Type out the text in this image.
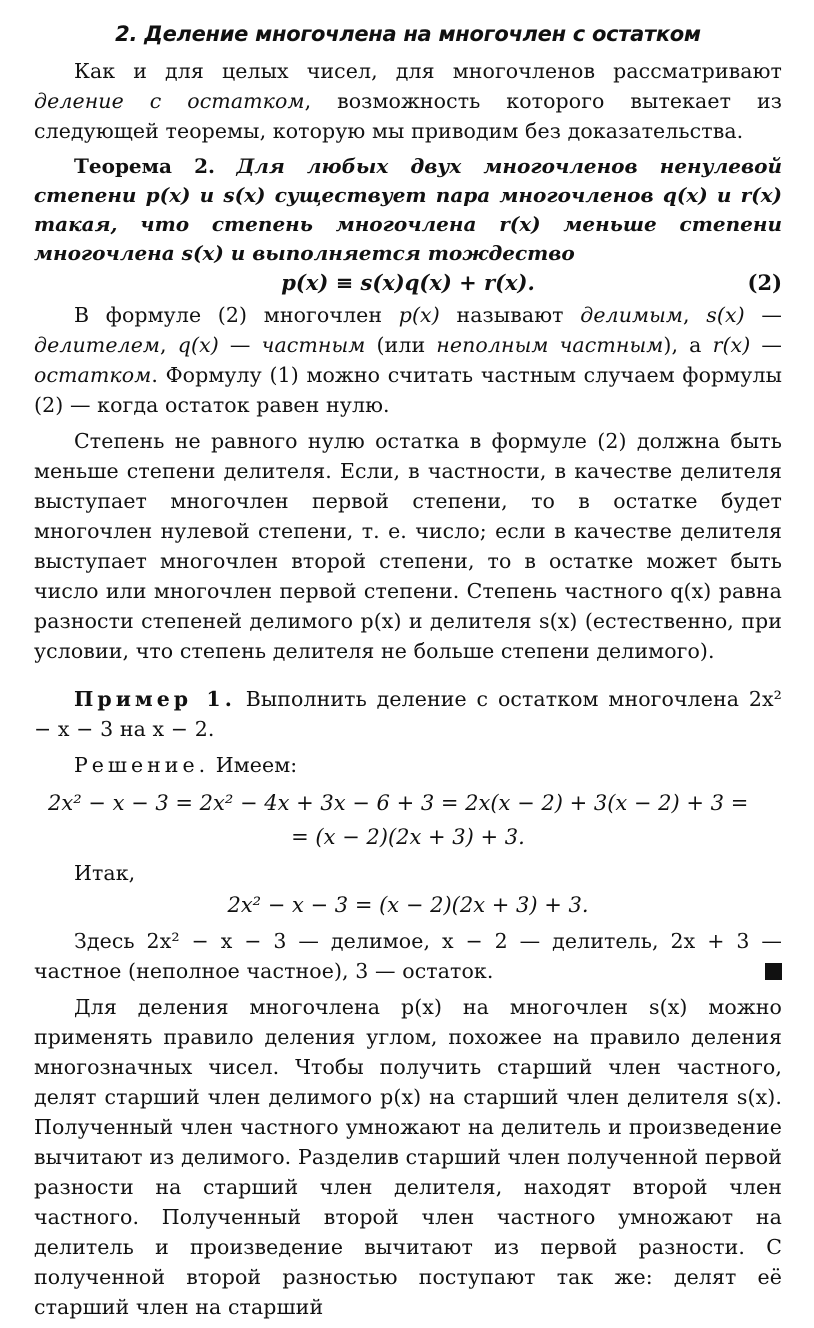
2. Деление многочлена на многочлен с остатком

Как и для целых чисел, для многочленов рассматривают деление с остатком, возможность которого вытекает из следующей теоремы, которую мы приводим без доказательства.

Теорема 2. Для любых двух многочленов ненулевой степени p(x) и s(x) существует пара многочленов q(x) и r(x) такая, что степень многочлена r(x) меньше степени многочлена s(x) и выполняется тождество

p(x) ≡ s(x)q(x) + r(x).	(2)

В формуле (2) многочлен p(x) называют делимым, s(x) — делителем, q(x) — частным (или неполным частным), а r(x) — остатком. Формулу (1) можно считать частным случаем формулы (2) — когда остаток равен нулю.

Степень не равного нулю остатка в формуле (2) должна быть меньше степени делителя. Если, в частности, в качестве делителя выступает многочлен первой степени, то в остатке будет многочлен нулевой степени, т. е. число; если в качестве делителя выступает многочлен второй степени, то в остатке может быть число или многочлен первой степени. Степень частного q(x) равна разности степеней делимого p(x) и делителя s(x) (естественно, при условии, что степень делителя не больше степени делимого).

Пример 1. Выполнить деление с остатком многочлена 2x² − x − 3 на x − 2.

Решение. Имеем:

2x² − x − 3 = 2x² − 4x + 3x − 6 + 3 = 2x(x − 2) + 3(x − 2) + 3 =
= (x − 2)(2x + 3) + 3.

Итак,

2x² − x − 3 = (x − 2)(2x + 3) + 3.

Здесь 2x² − x − 3 — делимое, x − 2 — делитель, 2x + 3 — частное (неполное частное), 3 — остаток.

Для деления многочлена p(x) на многочлен s(x) можно применять правило деления углом, похожее на правило деления многозначных чисел. Чтобы получить старший член частного, делят старший член делимого p(x) на старший член делителя s(x). Полученный член частного умножают на делитель и произведение вычитают из делимого. Разделив старший член полученной первой разности на старший член делителя, находят второй член частного. Полученный второй член частного умножают на делитель и произведение вычитают из первой разности. С полученной второй разностью поступают так же: делят её старший член на старший
